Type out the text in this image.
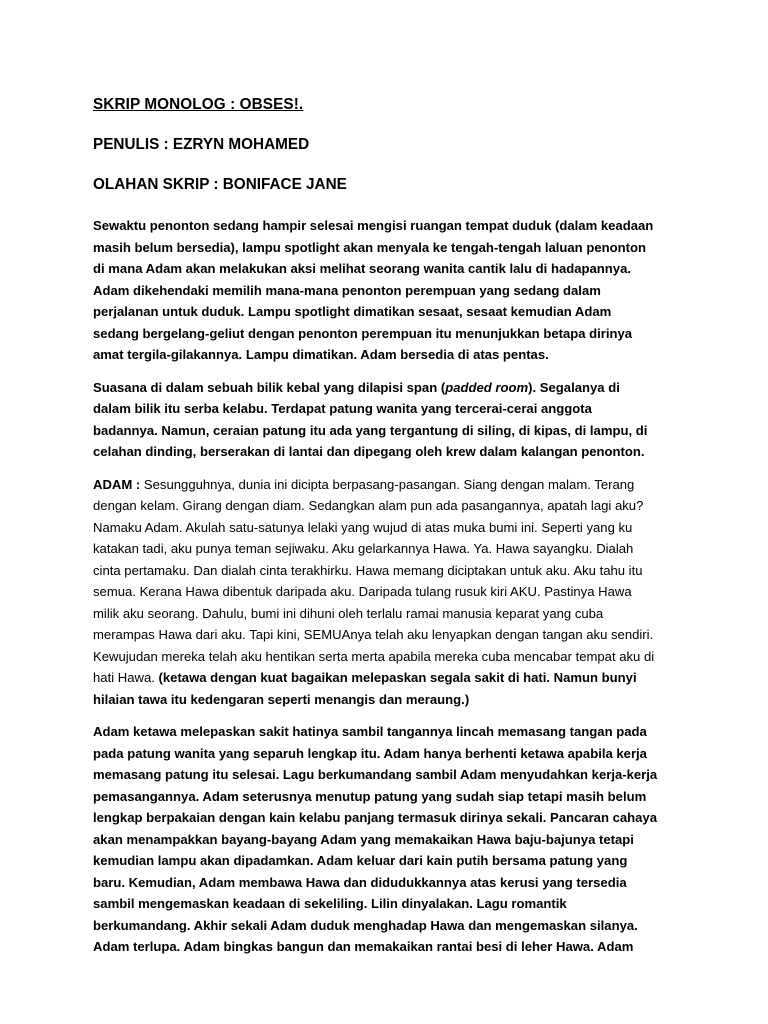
SKRIP MONOLOG : OBSES!.
PENULIS : EZRYN MOHAMED
OLAHAN SKRIP : BONIFACE JANE

Sewaktu penonton sedang hampir selesai mengisi ruangan tempat duduk (dalam keadaan masih belum bersedia), lampu spotlight akan menyala ke tengah-tengah laluan penonton di mana Adam akan melakukan aksi melihat seorang wanita cantik lalu di hadapannya. Adam dikehendaki memilih mana-mana penonton perempuan yang sedang dalam perjalanan untuk duduk. Lampu spotlight dimatikan sesaat, sesaat kemudian Adam sedang bergelang-geliut dengan penonton perempuan itu menunjukkan betapa dirinya amat tergila-gilakannya. Lampu dimatikan. Adam bersedia di atas pentas.

Suasana di dalam sebuah bilik kebal yang dilapisi span (padded room). Segalanya di dalam bilik itu serba kelabu. Terdapat patung wanita yang tercerai-cerai anggota badannya. Namun, ceraian patung itu ada yang tergantung di siling, di kipas, di lampu, di celahan dinding, berserakan di lantai dan dipegang oleh krew dalam kalangan penonton.

ADAM : Sesungguhnya, dunia ini dicipta berpasang-pasangan. Siang dengan malam. Terang dengan kelam. Girang dengan diam. Sedangkan alam pun ada pasangannya, apatah lagi aku? Namaku Adam. Akulah satu-satunya lelaki yang wujud di atas muka bumi ini. Seperti yang ku katakan tadi, aku punya teman sejiwaku. Aku gelarkannya Hawa. Ya. Hawa sayangku. Dialah cinta pertamaku. Dan dialah cinta terakhirku. Hawa memang diciptakan untuk aku. Aku tahu itu semua. Kerana Hawa dibentuk daripada aku. Daripada tulang rusuk kiri AKU. Pastinya Hawa milik aku seorang. Dahulu, bumi ini dihuni oleh terlalu ramai manusia keparat yang cuba merampas Hawa dari aku. Tapi kini, SEMUAnya telah aku lenyapkan dengan tangan aku sendiri. Kewujudan mereka telah aku hentikan serta merta apabila mereka cuba mencabar tempat aku di hati Hawa. (ketawa dengan kuat bagaikan melepaskan segala sakit di hati. Namun bunyi hilaian tawa itu kedengaran seperti menangis dan meraung.)

Adam ketawa melepaskan sakit hatinya sambil tangannya lincah memasang tangan pada pada patung wanita yang separuh lengkap itu. Adam hanya berhenti ketawa apabila kerja memasang patung itu selesai. Lagu berkumandang sambil Adam menyudahkan kerja-kerja pemasangannya. Adam seterusnya menutup patung yang sudah siap tetapi masih belum lengkap berpakaian dengan kain kelabu panjang termasuk dirinya sekali. Pancaran cahaya akan menampakkan bayang-bayang Adam yang memakaikan Hawa baju-bajunya tetapi kemudian lampu akan dipadamkan. Adam keluar dari kain putih bersama patung yang baru. Kemudian, Adam membawa Hawa dan didudukkannya atas kerusi yang tersedia sambil mengemaskan keadaan di sekeliling. Lilin dinyalakan. Lagu romantik berkumandang. Akhir sekali Adam duduk menghadap Hawa dan mengemaskan silanya. Adam terlupa. Adam bingkas bangun dan memakaikan rantai besi di leher Hawa. Adam
